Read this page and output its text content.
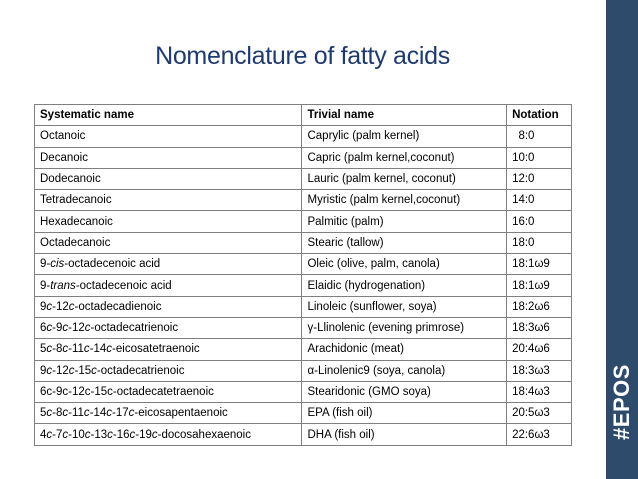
Nomenclature of fatty acids
#EPOS
Systematic name	Trivial name	Notation
Octanoic	Caprylic (palm kernel)	8:0
Decanoic	Capric (palm kernel,coconut)	10:0
Dodecanoic	Lauric (palm kernel, coconut)	12:0
Tetradecanoic	Myristic (palm kernel,coconut)	14:0
Hexadecanoic	Palmitic (palm)	16:0
Octadecanoic	Stearic (tallow)	18:0
9-cis-octadecenoic acid	Oleic (olive, palm, canola)	18:1ω9
9-trans-octadecenoic acid	Elaidic (hydrogenation)	18:1ω9
9c-12c-octadecadienoic	Linoleic (sunflower, soya)	18:2ω6
6c-9c-12c-octadecatrienoic	γ-Llinolenic (evening primrose)	18:3ω6
5c-8c-11c-14c-eicosatetraenoic	Arachidonic (meat)	20:4ω6
9c-12c-15c-octadecatrienoic	α-Linolenic9 (soya, canola)	18:3ω3
6c-9c-12c-15c-octadecatetraenoic	Stearidonic (GMO soya)	18:4ω3
5c-8c-11c-14c-17c-eicosapentaenoic	EPA (fish oil)	20:5ω3
4c-7c-10c-13c-16c-19c-docosahexaenoic	DHA (fish oil)	22:6ω3
